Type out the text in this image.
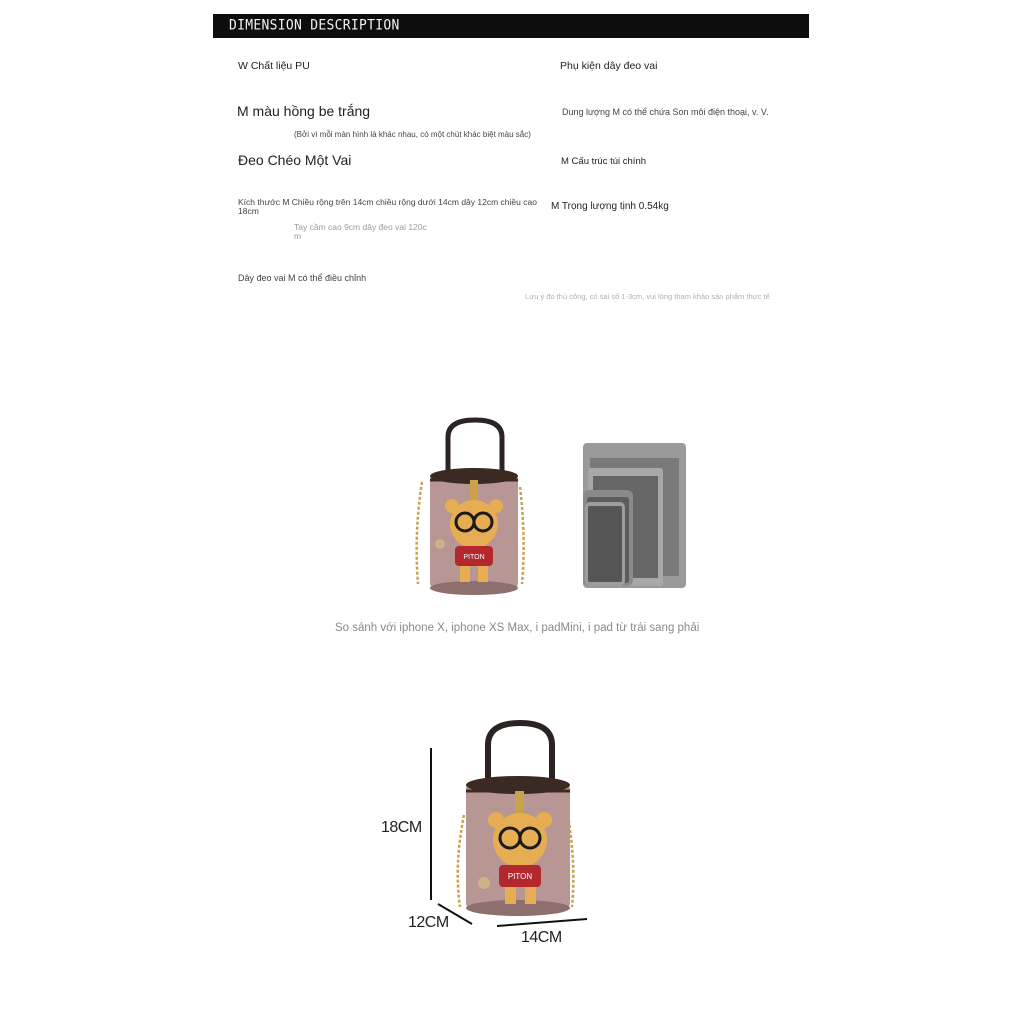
DIMENSION DESCRIPTION
W Chất liệu PU	Phụ kiện dây đeo vai
M màu hồng be trắng
(Bởi vì mỗi màn hình là khác nhau, có một chút khác biệt màu sắc)
Dung lượng M có thể chứa Son môi điện thoại, v. V.
Đeo Chéo Một Vai	M Cấu trúc túi chính
Kích thước M Chiều rộng trên 14cm chiều rộng dưới 14cm dây 12cm chiều cao
18cm	M Trọng lượng tịnh 0.54kg
Tay cầm cao 9cm dây đeo vai 120c
m
Dây đeo vai M có thể điều chỉnh
Lưu ý đo thủ công, có sai số 1-3cm, vui lòng tham khảo sản phẩm thực tế
PITON
So sánh với iphone X, iphone XS Max, i padMini, i pad từ trái sang phải
PITON
18CM
12CM
14CM
